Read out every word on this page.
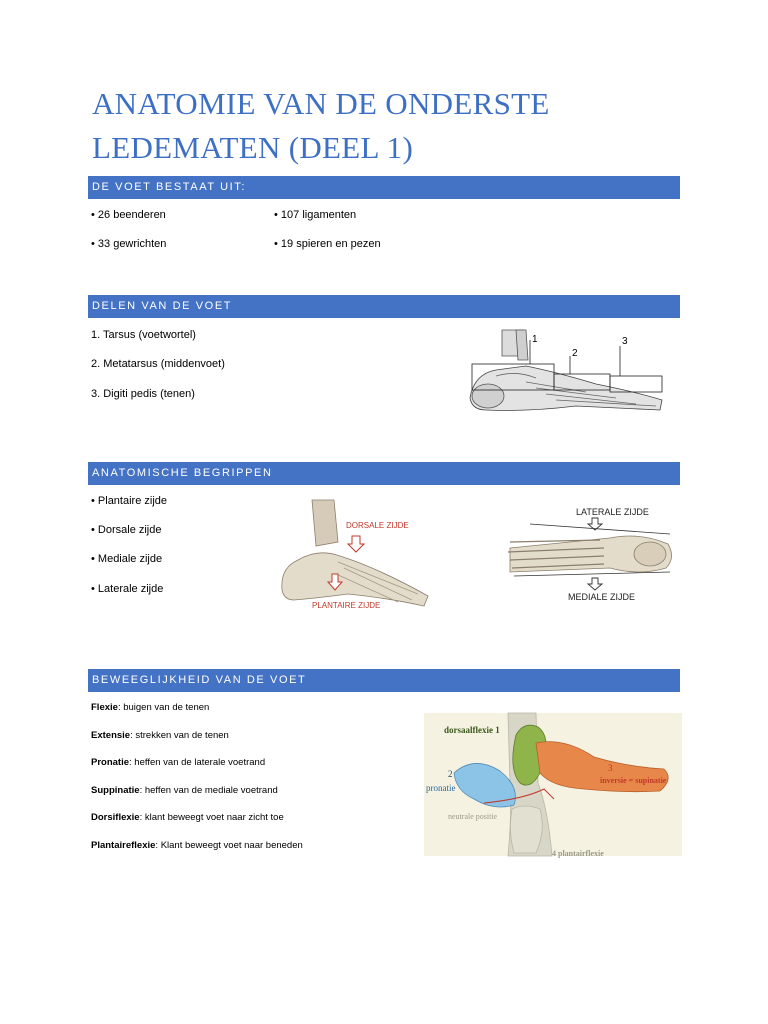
ANATOMIE VAN DE ONDERSTE
LEDEMATEN (DEEL 1)
DE VOET BESTAAT UIT:
• 26 beenderen	• 107 ligamenten
• 33 gewrichten	• 19 spieren en pezen
DELEN VAN DE VOET
1. Tarsus (voetwortel)
2. Metatarsus (middenvoet)
3. Digiti pedis (tenen)
1
2
3
ANATOMISCHE BEGRIPPEN
• Plantaire zijde
• Dorsale zijde
• Mediale zijde
• Laterale zijde
DORSALE ZIJDE
PLANTAIRE ZIJDE
LATERALE ZIJDE
MEDIALE ZIJDE
BEWEEGLIJKHEID VAN DE VOET
Flexie: buigen van de tenen
Extensie: strekken van de tenen
Pronatie: heffen van de laterale voetrand
Suppinatie: heffen van de mediale voetrand
Dorsiflexie: klant beweegt voet naar zicht toe
Plantaireflexie: Klant beweegt voet naar beneden
dorsaalflexie 1
2
pronatie
3
inversie = supinatie
neutrale positie
4 plantairflexie
